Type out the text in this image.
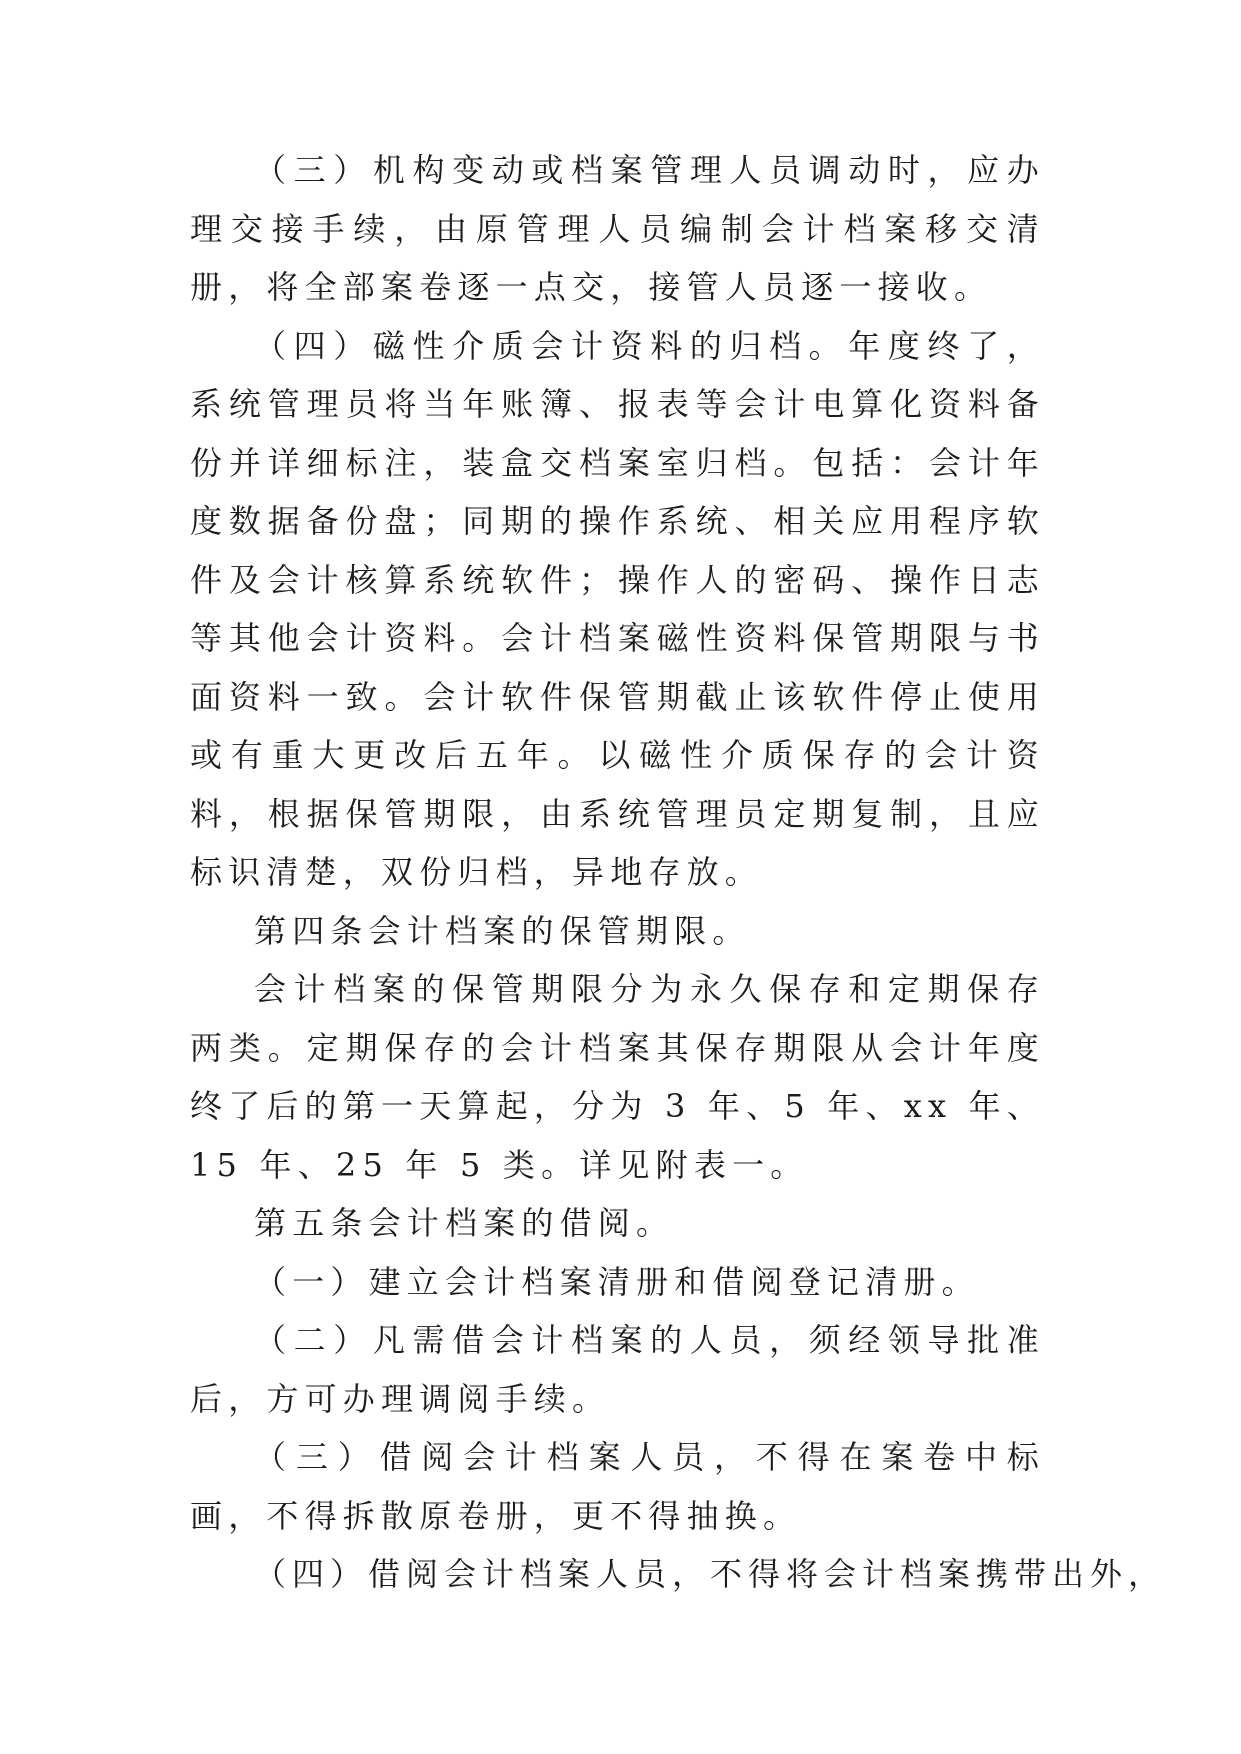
（三）机构变动或档案管理人员调动时，应办理交接手续，由原管理人员编制会计档案移交清册，将全部案卷逐一点交，接管人员逐一接收。

（四）磁性介质会计资料的归档。年度终了，系统管理员将当年账簿、报表等会计电算化资料备份并详细标注，装盒交档案室归档。包括：会计年度数据备份盘；同期的操作系统、相关应用程序软件及会计核算系统软件；操作人的密码、操作日志等其他会计资料。会计档案磁性资料保管期限与书面资料一致。会计软件保管期截止该软件停止使用或有重大更改后五年。以磁性介质保存的会计资料，根据保管期限，由系统管理员定期复制，且应标识清楚，双份归档，异地存放。

第四条会计档案的保管期限。

会计档案的保管期限分为永久保存和定期保存两类。定期保存的会计档案其保存期限从会计年度终了后的第一天算起，分为 3 年、5 年、xx 年、15 年、25 年 5 类。详见附表一。

第五条会计档案的借阅。

（一）建立会计档案清册和借阅登记清册。

（二）凡需借会计档案的人员，须经领导批准后，方可办理调阅手续。

（三）借阅会计档案人员，不得在案卷中标画，不得拆散原卷册，更不得抽换。

（四）借阅会计档案人员，不得将会计档案携带出外，
